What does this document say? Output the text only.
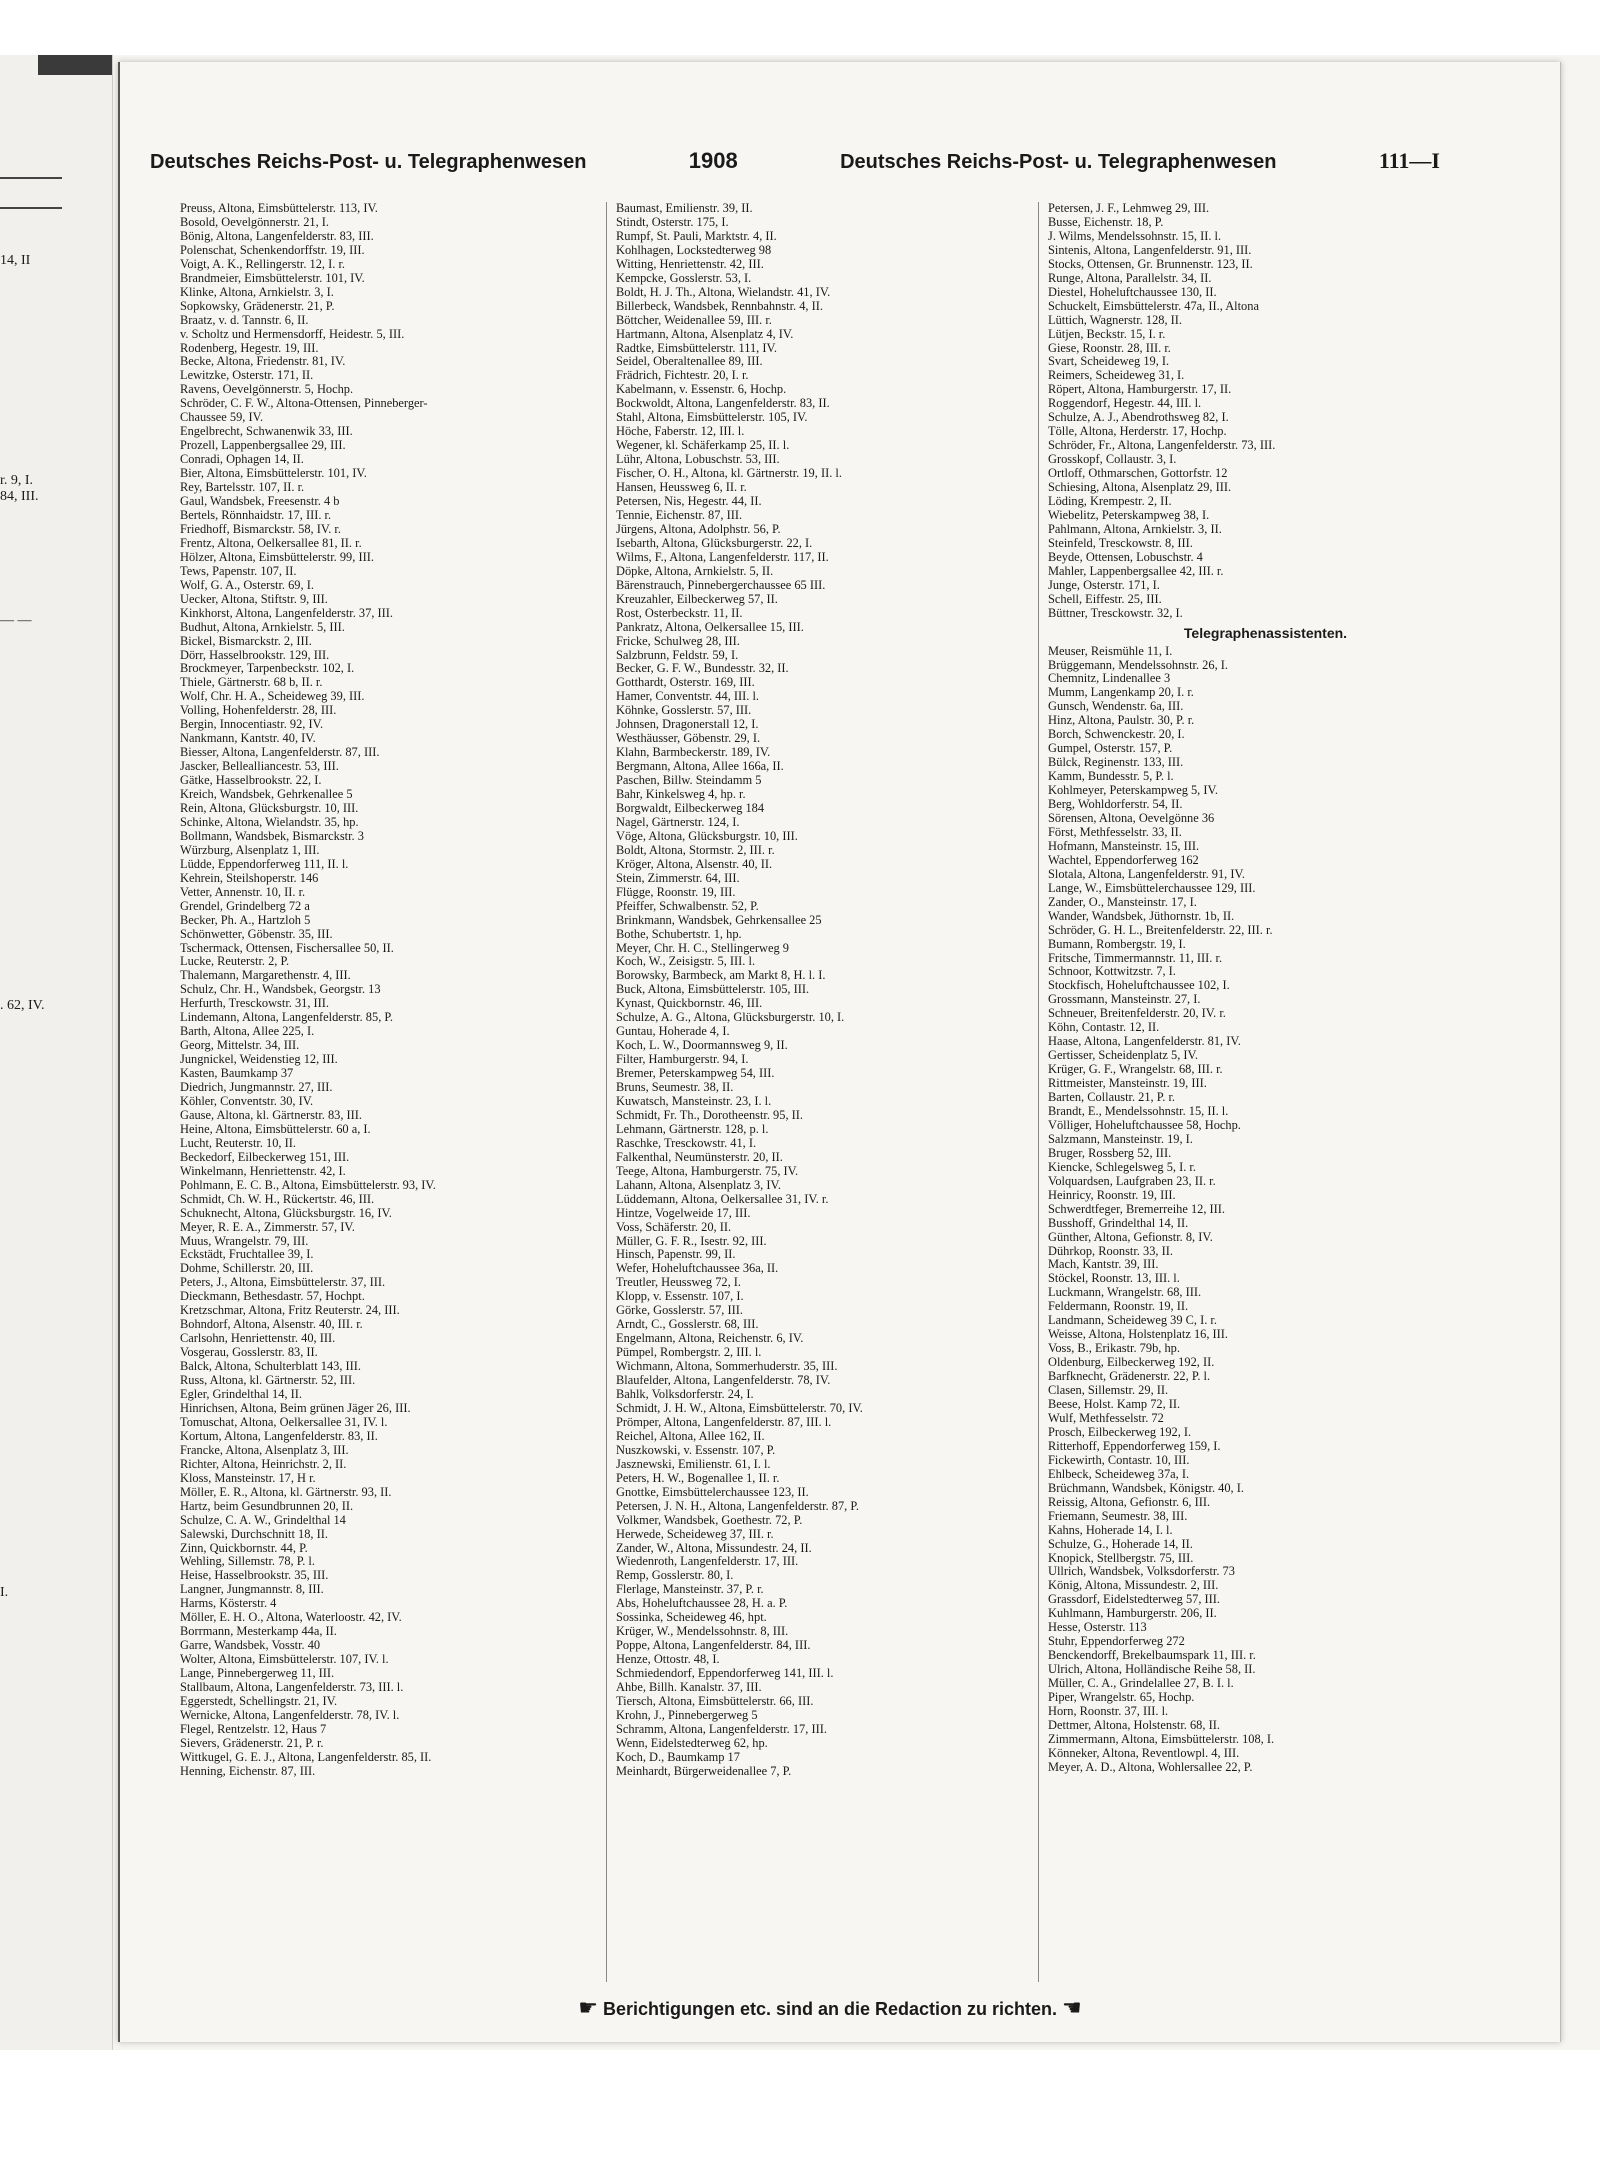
14, II
r. 9, I.
84, III.
— —
. 62, IV.
I.
Deutsches Reichs-Post- u. Telegraphenwesen	1908	Deutsches Reichs-Post- u. Telegraphenwesen	111—I
Preuss, Altona, Eimsbüttelerstr. 113, IV.
Bosold, Oevelgönnerstr. 21, I.
Bönig, Altona, Langenfelderstr. 83, III.
Polenschat, Schenkendorffstr. 19, III.
Voigt, A. K., Rellingerstr. 12, I. r.
Brandmeier, Eimsbüttelerstr. 101, IV.
Klinke, Altona, Arnkielstr. 3, I.
Sopkowsky, Grädenerstr. 21, P.
Braatz, v. d. Tannstr. 6, II.
v. Scholtz und Hermensdorff, Heidestr. 5, III.
Rodenberg, Hegestr. 19, III.
Becke, Altona, Friedenstr. 81, IV.
Lewitzke, Osterstr. 171, II.
Ravens, Oevelgönnerstr. 5, Hochp.
Schröder, C. F. W., Altona-Ottensen, Pinneberger-
Chaussee 59, IV.
Engelbrecht, Schwanenwik 33, III.
Prozell, Lappenbergsallee 29, III.
Conradi, Ophagen 14, II.
Bier, Altona, Eimsbüttelerstr. 101, IV.
Rey, Bartelsstr. 107, II. r.
Gaul, Wandsbek, Freesenstr. 4 b
Bertels, Rönnhaidstr. 17, III. r.
Friedhoff, Bismarckstr. 58, IV. r.
Frentz, Altona, Oelkersallee 81, II. r.
Hölzer, Altona, Eimsbüttelerstr. 99, III.
Tews, Papenstr. 107, II.
Wolf, G. A., Osterstr. 69, I.
Uecker, Altona, Stiftstr. 9, III.
Kinkhorst, Altona, Langenfelderstr. 37, III.
Budhut, Altona, Arnkielstr. 5, III.
Bickel, Bismarckstr. 2, III.
Dörr, Hasselbrookstr. 129, III.
Brockmeyer, Tarpenbeckstr. 102, I.
Thiele, Gärtnerstr. 68 b, II. r.
Wolf, Chr. H. A., Scheideweg 39, III.
Volling, Hohenfelderstr. 28, III.
Bergin, Innocentiastr. 92, IV.
Nankmann, Kantstr. 40, IV.
Biesser, Altona, Langenfelderstr. 87, III.
Jascker, Bellealliancestr. 53, III.
Gätke, Hasselbrookstr. 22, I.
Kreich, Wandsbek, Gehrkenallee 5
Rein, Altona, Glücksburgstr. 10, III.
Schinke, Altona, Wielandstr. 35, hp.
Bollmann, Wandsbek, Bismarckstr. 3
Würzburg, Alsenplatz 1, III.
Lüdde, Eppendorferweg 111, II. l.
Kehrein, Steilshoperstr. 146
Vetter, Annenstr. 10, II. r.
Grendel, Grindelberg 72 a
Becker, Ph. A., Hartzloh 5
Schönwetter, Göbenstr. 35, III.
Tschermack, Ottensen, Fischersallee 50, II.
Lucke, Reuterstr. 2, P.
Thalemann, Margarethenstr. 4, III.
Schulz, Chr. H., Wandsbek, Georgstr. 13
Herfurth, Tresckowstr. 31, III.
Lindemann, Altona, Langenfelderstr. 85, P.
Barth, Altona, Allee 225, I.
Georg, Mittelstr. 34, III.
Jungnickel, Weidenstieg 12, III.
Kasten, Baumkamp 37
Diedrich, Jungmannstr. 27, III.
Köhler, Conventstr. 30, IV.
Gause, Altona, kl. Gärtnerstr. 83, III.
Heine, Altona, Eimsbüttelerstr. 60 a, I.
Lucht, Reuterstr. 10, II.
Beckedorf, Eilbeckerweg 151, III.
Winkelmann, Henriettenstr. 42, I.
Pohlmann, E. C. B., Altona, Eimsbüttelerstr. 93, IV.
Schmidt, Ch. W. H., Rückertstr. 46, III.
Schuknecht, Altona, Glücksburgstr. 16, IV.
Meyer, R. E. A., Zimmerstr. 57, IV.
Muus, Wrangelstr. 79, III.
Eckstädt, Fruchtallee 39, I.
Dohme, Schillerstr. 20, III.
Peters, J., Altona, Eimsbüttelerstr. 37, III.
Dieckmann, Bethesdastr. 57, Hochpt.
Kretzschmar, Altona, Fritz Reuterstr. 24, III.
Bohndorf, Altona, Alsenstr. 40, III. r.
Carlsohn, Henriettenstr. 40, III.
Vosgerau, Gosslerstr. 83, II.
Balck, Altona, Schulterblatt 143, III.
Russ, Altona, kl. Gärtnerstr. 52, III.
Egler, Grindelthal 14, II.
Hinrichsen, Altona, Beim grünen Jäger 26, III.
Tomuschat, Altona, Oelkersallee 31, IV. l.
Kortum, Altona, Langenfelderstr. 83, II.
Francke, Altona, Alsenplatz 3, III.
Richter, Altona, Heinrichstr. 2, II.
Kloss, Mansteinstr. 17, H r.
Möller, E. R., Altona, kl. Gärtnerstr. 93, II.
Hartz, beim Gesundbrunnen 20, II.
Schulze, C. A. W., Grindelthal 14
Salewski, Durchschnitt 18, II.
Zinn, Quickbornstr. 44, P.
Wehling, Sillemstr. 78, P. l.
Heise, Hasselbrookstr. 35, III.
Langner, Jungmannstr. 8, III.
Harms, Kösterstr. 4
Möller, E. H. O., Altona, Waterloostr. 42, IV.
Borrmann, Mesterkamp 44a, II.
Garre, Wandsbek, Vosstr. 40
Wolter, Altona, Eimsbüttelerstr. 107, IV. l.
Lange, Pinnebergerweg 11, III.
Stallbaum, Altona, Langenfelderstr. 73, III. l.
Eggerstedt, Schellingstr. 21, IV.
Wernicke, Altona, Langenfelderstr. 78, IV. l.
Flegel, Rentzelstr. 12, Haus 7
Sievers, Grädenerstr. 21, P. r.
Wittkugel, G. E. J., Altona, Langenfelderstr. 85, II.
Henning, Eichenstr. 87, III.
Baumast, Emilienstr. 39, II.
Stindt, Osterstr. 175, I.
Rumpf, St. Pauli, Marktstr. 4, II.
Kohlhagen, Lockstedterweg 98
Witting, Henriettenstr. 42, III.
Kempcke, Gosslerstr. 53, I.
Boldt, H. J. Th., Altona, Wielandstr. 41, IV.
Billerbeck, Wandsbek, Rennbahnstr. 4, II.
Böttcher, Weidenallee 59, III. r.
Hartmann, Altona, Alsenplatz 4, IV.
Radtke, Eimsbüttelerstr. 111, IV.
Seidel, Oberaltenallee 89, III.
Frädrich, Fichtestr. 20, I. r.
Kabelmann, v. Essenstr. 6, Hochp.
Bockwoldt, Altona, Langenfelderstr. 83, II.
Stahl, Altona, Eimsbüttelerstr. 105, IV.
Höche, Faberstr. 12, III. l.
Wegener, kl. Schäferkamp 25, II. l.
Lühr, Altona, Lobuschstr. 53, III.
Fischer, O. H., Altona, kl. Gärtnerstr. 19, II. l.
Hansen, Heussweg 6, II. r.
Petersen, Nis, Hegestr. 44, II.
Tennie, Eichenstr. 87, III.
Jürgens, Altona, Adolphstr. 56, P.
Isebarth, Altona, Glücksburgerstr. 22, I.
Wilms, F., Altona, Langenfelderstr. 117, II.
Döpke, Altona, Arnkielstr. 5, II.
Bärenstrauch, Pinnebergerchaussee 65 III.
Kreuzahler, Eilbeckerweg 57, II.
Rost, Osterbeckstr. 11, II.
Pankratz, Altona, Oelkersallee 15, III.
Fricke, Schulweg 28, III.
Salzbrunn, Feldstr. 59, I.
Becker, G. F. W., Bundesstr. 32, II.
Gotthardt, Osterstr. 169, III.
Hamer, Conventstr. 44, III. l.
Köhnke, Gosslerstr. 57, III.
Johnsen, Dragonerstall 12, I.
Westhäusser, Göbenstr. 29, I.
Klahn, Barmbeckerstr. 189, IV.
Bergmann, Altona, Allee 166a, II.
Paschen, Billw. Steindamm 5
Bahr, Kinkelsweg 4, hp. r.
Borgwaldt, Eilbeckerweg 184
Nagel, Gärtnerstr. 124, I.
Vöge, Altona, Glücksburgstr. 10, III.
Boldt, Altona, Stormstr. 2, III. r.
Kröger, Altona, Alsenstr. 40, II.
Stein, Zimmerstr. 64, III.
Flügge, Roonstr. 19, III.
Pfeiffer, Schwalbenstr. 52, P.
Brinkmann, Wandsbek, Gehrkensallee 25
Bothe, Schubertstr. 1, hp.
Meyer, Chr. H. C., Stellingerweg 9
Koch, W., Zeisigstr. 5, III. l.
Borowsky, Barmbeck, am Markt 8, H. l. I.
Buck, Altona, Eimsbüttelerstr. 105, III.
Kynast, Quickbornstr. 46, III.
Schulze, A. G., Altona, Glücksburgerstr. 10, I.
Guntau, Hoherade 4, I.
Koch, L. W., Doormannsweg 9, II.
Filter, Hamburgerstr. 94, I.
Bremer, Peterskampweg 54, III.
Bruns, Seumestr. 38, II.
Kuwatsch, Mansteinstr. 23, I. l.
Schmidt, Fr. Th., Dorotheenstr. 95, II.
Lehmann, Gärtnerstr. 128, p. l.
Raschke, Tresckowstr. 41, I.
Falkenthal, Neumünsterstr. 20, II.
Teege, Altona, Hamburgerstr. 75, IV.
Lahann, Altona, Alsenplatz 3, IV.
Lüddemann, Altona, Oelkersallee 31, IV. r.
Hintze, Vogelweide 17, III.
Voss, Schäferstr. 20, II.
Müller, G. F. R., Isestr. 92, III.
Hinsch, Papenstr. 99, II.
Wefer, Hoheluftchaussee 36a, II.
Treutler, Heussweg 72, I.
Klopp, v. Essenstr. 107, I.
Görke, Gosslerstr. 57, III.
Arndt, C., Gosslerstr. 68, III.
Engelmann, Altona, Reichenstr. 6, IV.
Pümpel, Rombergstr. 2, III. l.
Wichmann, Altona, Sommerhuderstr. 35, III.
Blaufelder, Altona, Langenfelderstr. 78, IV.
Bahlk, Volksdorferstr. 24, I.
Schmidt, J. H. W., Altona, Eimsbüttelerstr. 70, IV.
Prömper, Altona, Langenfelderstr. 87, III. l.
Reichel, Altona, Allee 162, II.
Nuszkowski, v. Essenstr. 107, P.
Jasznewski, Emilienstr. 61, I. l.
Peters, H. W., Bogenallee 1, II. r.
Gnottke, Eimsbüttelerchaussee 123, II.
Petersen, J. N. H., Altona, Langenfelderstr. 87, P.
Volkmer, Wandsbek, Goethestr. 72, P.
Herwede, Scheideweg 37, III. r.
Zander, W., Altona, Missundestr. 24, II.
Wiedenroth, Langenfelderstr. 17, III.
Remp, Gosslerstr. 80, I.
Flerlage, Mansteinstr. 37, P. r.
Abs, Hoheluftchaussee 28, H. a. P.
Sossinka, Scheideweg 46, hpt.
Krüger, W., Mendelssohnstr. 8, III.
Poppe, Altona, Langenfelderstr. 84, III.
Henze, Ottostr. 48, I.
Schmiedendorf, Eppendorferweg 141, III. l.
Ahbe, Billh. Kanalstr. 37, III.
Tiersch, Altona, Eimsbüttelerstr. 66, III.
Krohn, J., Pinnebergerweg 5
Schramm, Altona, Langenfelderstr. 17, III.
Wenn, Eidelstedterweg 62, hp.
Koch, D., Baumkamp 17
Meinhardt, Bürgerweidenallee 7, P.
Petersen, J. F., Lehmweg 29, III.
Busse, Eichenstr. 18, P.
J. Wilms, Mendelssohnstr. 15, II. l.
Sintenis, Altona, Langenfelderstr. 91, III.
Stocks, Ottensen, Gr. Brunnenstr. 123, II.
Runge, Altona, Parallelstr. 34, II.
Diestel, Hoheluftchaussee 130, II.
Schuckelt, Eimsbüttelerstr. 47a, II., Altona
Lüttich, Wagnerstr. 128, II.
Lütjen, Beckstr. 15, I. r.
Giese, Roonstr. 28, III. r.
Svart, Scheideweg 19, I.
Reimers, Scheideweg 31, I.
Röpert, Altona, Hamburgerstr. 17, II.
Roggendorf, Hegestr. 44, III. l.
Schulze, A. J., Abendrothsweg 82, I.
Tölle, Altona, Herderstr. 17, Hochp.
Schröder, Fr., Altona, Langenfelderstr. 73, III.
Grosskopf, Collaustr. 3, I.
Ortloff, Othmarschen, Gottorfstr. 12
Schiesing, Altona, Alsenplatz 29, III.
Löding, Krempestr. 2, II.
Wiebelitz, Peterskampweg 38, I.
Pahlmann, Altona, Arnkielstr. 3, II.
Steinfeld, Tresckowstr. 8, III.
Beyde, Ottensen, Lobuschstr. 4
Mahler, Lappenbergsallee 42, III. r.
Junge, Osterstr. 171, I.
Schell, Eiffestr. 25, III.
Büttner, Tresckowstr. 32, I.
Telegraphenassistenten.
Meuser, Reismühle 11, I.
Brüggemann, Mendelssohnstr. 26, I.
Chemnitz, Lindenallee 3
Mumm, Langenkamp 20, I. r.
Gunsch, Wendenstr. 6a, III.
Hinz, Altona, Paulstr. 30, P. r.
Borch, Schwenckestr. 20, I.
Gumpel, Osterstr. 157, P.
Bülck, Reginenstr. 133, III.
Kamm, Bundesstr. 5, P. l.
Kohlmeyer, Peterskampweg 5, IV.
Berg, Wohldorferstr. 54, II.
Sörensen, Altona, Oevelgönne 36
Först, Methfesselstr. 33, II.
Hofmann, Mansteinstr. 15, III.
Wachtel, Eppendorferweg 162
Slotala, Altona, Langenfelderstr. 91, IV.
Lange, W., Eimsbüttelerchaussee 129, III.
Zander, O., Mansteinstr. 17, I.
Wander, Wandsbek, Jüthornstr. 1b, II.
Schröder, G. H. L., Breitenfelderstr. 22, III. r.
Bumann, Rombergstr. 19, I.
Fritsche, Timmermannstr. 11, III. r.
Schnoor, Kottwitzstr. 7, I.
Stockfisch, Hoheluftchaussee 102, I.
Grossmann, Mansteinstr. 27, I.
Schneuer, Breitenfelderstr. 20, IV. r.
Köhn, Contastr. 12, II.
Haase, Altona, Langenfelderstr. 81, IV.
Gertisser, Scheidenplatz 5, IV.
Krüger, G. F., Wrangelstr. 68, III. r.
Rittmeister, Mansteinstr. 19, III.
Barten, Collaustr. 21, P. r.
Brandt, E., Mendelssohnstr. 15, II. l.
Völliger, Hoheluftchaussee 58, Hochp.
Salzmann, Mansteinstr. 19, I.
Bruger, Rossberg 52, III.
Kiencke, Schlegelsweg 5, I. r.
Volquardsen, Laufgraben 23, II. r.
Heinricy, Roonstr. 19, III.
Schwerdtfeger, Bremerreihe 12, III.
Busshoff, Grindelthal 14, II.
Günther, Altona, Gefionstr. 8, IV.
Dührkop, Roonstr. 33, II.
Mach, Kantstr. 39, III.
Stöckel, Roonstr. 13, III. l.
Luckmann, Wrangelstr. 68, III.
Feldermann, Roonstr. 19, II.
Landmann, Scheideweg 39 C, I. r.
Weisse, Altona, Holstenplatz 16, III.
Voss, B., Erikastr. 79b, hp.
Oldenburg, Eilbeckerweg 192, II.
Barfknecht, Grädenerstr. 22, P. l.
Clasen, Sillemstr. 29, II.
Beese, Holst. Kamp 72, II.
Wulf, Methfesselstr. 72
Prosch, Eilbeckerweg 192, I.
Ritterhoff, Eppendorferweg 159, I.
Fickewirth, Contastr. 10, III.
Ehlbeck, Scheideweg 37a, I.
Brüchmann, Wandsbek, Königstr. 40, I.
Reissig, Altona, Gefionstr. 6, III.
Friemann, Seumestr. 38, III.
Kahns, Hoherade 14, I. l.
Schulze, G., Hoherade 14, II.
Knopick, Stellbergstr. 75, III.
Ullrich, Wandsbek, Volksdorferstr. 73
König, Altona, Missundestr. 2, III.
Grassdorf, Eidelstedterweg 57, III.
Kuhlmann, Hamburgerstr. 206, II.
Hesse, Osterstr. 113
Stuhr, Eppendorferweg 272
Benckendorff, Brekelbaumspark 11, III. r.
Ulrich, Altona, Holländische Reihe 58, II.
Müller, C. A., Grindelallee 27, B. I. l.
Piper, Wrangelstr. 65, Hochp.
Horn, Roonstr. 37, III. l.
Dettmer, Altona, Holstenstr. 68, II.
Zimmermann, Altona, Eimsbüttelerstr. 108, I.
Könneker, Altona, Reventlowpl. 4, III.
Meyer, A. D., Altona, Wohlersallee 22, P.
☛ Berichtigungen etc. sind an die Redaction zu richten. ☚
